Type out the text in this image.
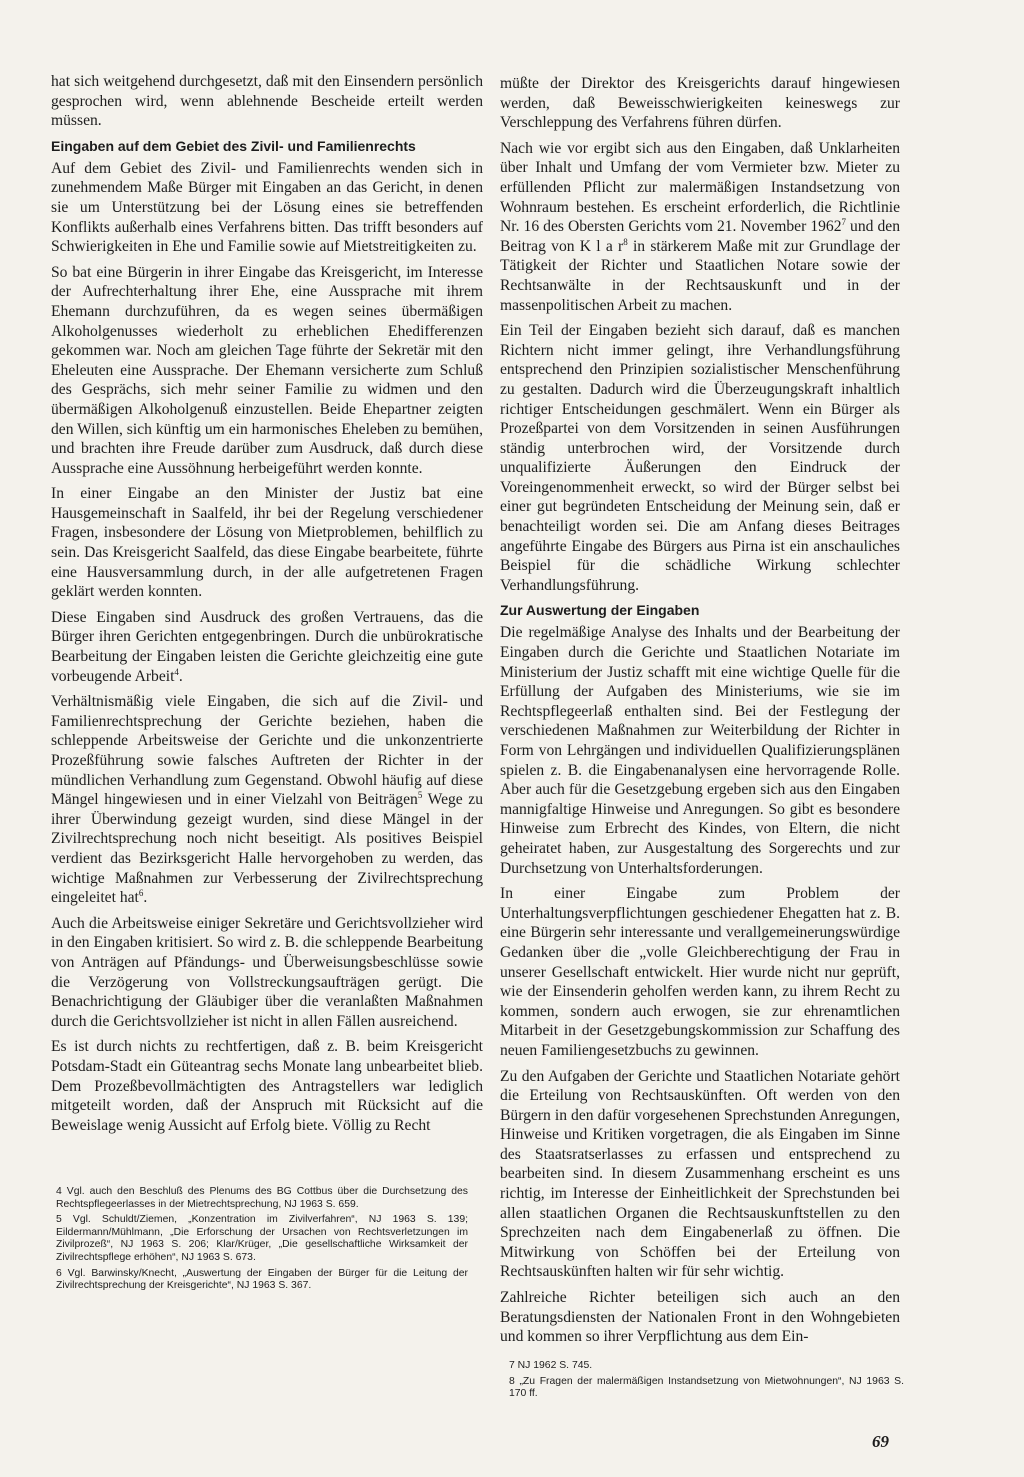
hat sich weitgehend durchgesetzt, daß mit den Einsendern persönlich gesprochen wird, wenn ablehnende Bescheide erteilt werden müssen.

Eingaben auf dem Gebiet des Zivil- und Familienrechts

Auf dem Gebiet des Zivil- und Familienrechts wenden sich in zunehmendem Maße Bürger mit Eingaben an das Gericht, in denen sie um Unterstützung bei der Lösung eines sie betreffenden Konflikts außerhalb eines Verfahrens bitten. Das trifft besonders auf Schwierigkeiten in Ehe und Familie sowie auf Mietstreitigkeiten zu.

So bat eine Bürgerin in ihrer Eingabe das Kreisgericht, im Interesse der Aufrechterhaltung ihrer Ehe, eine Aussprache mit ihrem Ehemann durchzuführen, da es wegen seines übermäßigen Alkoholgenusses wiederholt zu erheblichen Ehedifferenzen gekommen war. Noch am gleichen Tage führte der Sekretär mit den Eheleuten eine Aussprache. Der Ehemann versicherte zum Schluß des Gesprächs, sich mehr seiner Familie zu widmen und den übermäßigen Alkoholgenuß einzustellen. Beide Ehepartner zeigten den Willen, sich künftig um ein harmonisches Eheleben zu bemühen, und brachten ihre Freude darüber zum Ausdruck, daß durch diese Aussprache eine Aussöhnung herbeigeführt werden konnte.

In einer Eingabe an den Minister der Justiz bat eine Hausgemeinschaft in Saalfeld, ihr bei der Regelung verschiedener Fragen, insbesondere der Lösung von Mietproblemen, behilflich zu sein. Das Kreisgericht Saalfeld, das diese Eingabe bearbeitete, führte eine Hausversammlung durch, in der alle aufgetretenen Fragen geklärt werden konnten.

Diese Eingaben sind Ausdruck des großen Vertrauens, das die Bürger ihren Gerichten entgegenbringen. Durch die unbürokratische Bearbeitung der Eingaben leisten die Gerichte gleichzeitig eine gute vorbeugende Arbeit$^4$.

Verhältnismäßig viele Eingaben, die sich auf die Zivil- und Familienrechtsprechung der Gerichte beziehen, haben die schleppende Arbeitsweise der Gerichte und die unkonzentrierte Prozeßführung sowie falsches Auftreten der Richter in der mündlichen Verhandlung zum Gegenstand. Obwohl häufig auf diese Mängel hingewiesen und in einer Vielzahl von Beiträgen$^5$ Wege zu ihrer Überwindung gezeigt wurden, sind diese Mängel in der Zivilrechtsprechung noch nicht beseitigt. Als positives Beispiel verdient das Bezirksgericht Halle hervorgehoben zu werden, das wichtige Maßnahmen zur Verbesserung der Zivilrechtsprechung eingeleitet hat$^6$.

Auch die Arbeitsweise einiger Sekretäre und Gerichtsvollzieher wird in den Eingaben kritisiert. So wird z. B. die schleppende Bearbeitung von Anträgen auf Pfändungs- und Überweisungsbeschlüsse sowie die Verzögerung von Vollstreckungsaufträgen gerügt. Die Benachrichtigung der Gläubiger über die veranlaßten Maßnahmen durch die Gerichtsvollzieher ist nicht in allen Fällen ausreichend.

Es ist durch nichts zu rechtfertigen, daß z. B. beim Kreisgericht Potsdam-Stadt ein Güteantrag sechs Monate lang unbearbeitet blieb. Dem Prozeßbevollmächtigten des Antragstellers war lediglich mitgeteilt worden, daß der Anspruch mit Rücksicht auf die Beweislage wenig Aussicht auf Erfolg biete. Völlig zu Recht

4 Vgl. auch den Beschluß des Plenums des BG Cottbus über die Durchsetzung des Rechtspflegeerlasses in der Mietrechtsprechung, NJ 1963 S. 659.

5 Vgl. Schuldt/Ziemen, „Konzentration im Zivilverfahren“, NJ 1963 S. 139; Eildermann/Mühlmann, „Die Erforschung der Ursachen von Rechtsverletzungen im Zivilprozeß“, NJ 1963 S. 206; Klar/Krüger, „Die gesellschaftliche Wirksamkeit der Zivilrechtspflege erhöhen“, NJ 1963 S. 673.

6 Vgl. Barwinsky/Knecht, „Auswertung der Eingaben der Bürger für die Leitung der Zivilrechtsprechung der Kreisgerichte“, NJ 1963 S. 367.

müßte der Direktor des Kreisgerichts darauf hingewiesen werden, daß Beweisschwierigkeiten keineswegs zur Verschleppung des Verfahrens führen dürfen.

Nach wie vor ergibt sich aus den Eingaben, daß Unklarheiten über Inhalt und Umfang der vom Vermieter bzw. Mieter zu erfüllenden Pflicht zur malermäßigen Instandsetzung von Wohnraum bestehen. Es erscheint erforderlich, die Richtlinie Nr. 16 des Obersten Gerichts vom 21. November 1962$^7$ und den Beitrag von K l a $r^8$ in stärkerem Maße mit zur Grundlage der Tätigkeit der Richter und Staatlichen Notare sowie der Rechtsanwälte in der Rechtsauskunft und in der massenpolitischen Arbeit zu machen.

Ein Teil der Eingaben bezieht sich darauf, daß es manchen Richtern nicht immer gelingt, ihre Verhandlungsführung entsprechend den Prinzipien sozialistischer Menschenführung zu gestalten. Dadurch wird die Überzeugungskraft inhaltlich richtiger Entscheidungen geschmälert. Wenn ein Bürger als Prozeßpartei von dem Vorsitzenden in seinen Ausführungen ständig unterbrochen wird, der Vorsitzende durch unqualifizierte Äußerungen den Eindruck der Voreingenommenheit erweckt, so wird der Bürger selbst bei einer gut begründeten Entscheidung der Meinung sein, daß er benachteiligt worden sei. Die am Anfang dieses Beitrages angeführte Eingabe des Bürgers aus Pirna ist ein anschauliches Beispiel für die schädliche Wirkung schlechter Verhandlungsführung.

Zur Auswertung der Eingaben

Die regelmäßige Analyse des Inhalts und der Bearbeitung der Eingaben durch die Gerichte und Staatlichen Notariate im Ministerium der Justiz schafft mit eine wichtige Quelle für die Erfüllung der Aufgaben des Ministeriums, wie sie im Rechtspflegeerlaß enthalten sind. Bei der Festlegung der verschiedenen Maßnahmen zur Weiterbildung der Richter in Form von Lehrgängen und individuellen Qualifizierungsplänen spielen z. B. die Eingabenanalysen eine hervorragende Rolle. Aber auch für die Gesetzgebung ergeben sich aus den Eingaben mannigfaltige Hinweise und Anregungen. So gibt es besondere Hinweise zum Erbrecht des Kindes, von Eltern, die nicht geheiratet haben, zur Ausgestaltung des Sorgerechts und zur Durchsetzung von Unterhaltsforderungen.

In einer Eingabe zum Problem der Unterhaltungsverpflichtungen geschiedener Ehegatten hat z. B. eine Bürgerin sehr interessante und verallgemeinerungswürdige Gedanken über die „volle Gleichberechtigung der Frau in unserer Gesellschaft entwickelt. Hier wurde nicht nur geprüft, wie der Einsenderin geholfen werden kann, zu ihrem Recht zu kommen, sondern auch erwogen, sie zur ehrenamtlichen Mitarbeit in der Gesetzgebungskommission zur Schaffung des neuen Familiengesetzbuchs zu gewinnen.

Zu den Aufgaben der Gerichte und Staatlichen Notariate gehört die Erteilung von Rechtsauskünften. Oft werden von den Bürgern in den dafür vorgesehenen Sprechstunden Anregungen, Hinweise und Kritiken vorgetragen, die als Eingaben im Sinne des Staatsratserlasses zu erfassen und entsprechend zu bearbeiten sind. In diesem Zusammenhang erscheint es uns richtig, im Interesse der Einheitlichkeit der Sprechstunden bei allen staatlichen Organen die Rechtsauskunftstellen zu den Sprechzeiten nach dem Eingabenerlaß zu öffnen. Die Mitwirkung von Schöffen bei der Erteilung von Rechtsauskünften halten wir für sehr wichtig.

Zahlreiche Richter beteiligen sich auch an den Beratungsdiensten der Nationalen Front in den Wohngebieten und kommen so ihrer Verpflichtung aus dem Ein-

7 NJ 1962 S. 745.

8 „Zu Fragen der malermäßigen Instandsetzung von Mietwohnungen“, NJ 1963 S. 170 ff.

69
